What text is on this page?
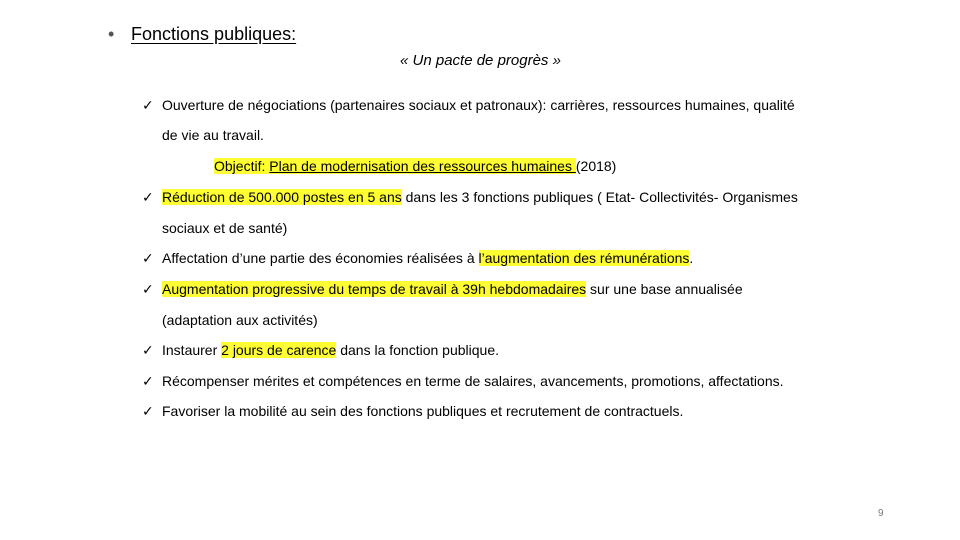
• Fonctions publiques:
« Un pacte de progrès »
✓ Ouverture de négociations (partenaires sociaux et patronaux): carrières, ressources humaines, qualité
de vie au travail.
Objectif: Plan de modernisation des ressources humaines (2018)
✓ Réduction de 500.000 postes en 5 ans dans les 3 fonctions publiques ( Etat- Collectivités- Organismes
sociaux et de santé)
✓ Affectation d’une partie des économies réalisées à l’augmentation des rémunérations.
✓ Augmentation progressive du temps de travail à 39h hebdomadaires sur une base annualisée
(adaptation aux activités)
✓ Instaurer 2 jours de carence dans la fonction publique.
✓ Récompenser mérites et compétences en terme de salaires, avancements, promotions, affectations.
✓ Favoriser la mobilité au sein des fonctions publiques et recrutement de contractuels.
9
